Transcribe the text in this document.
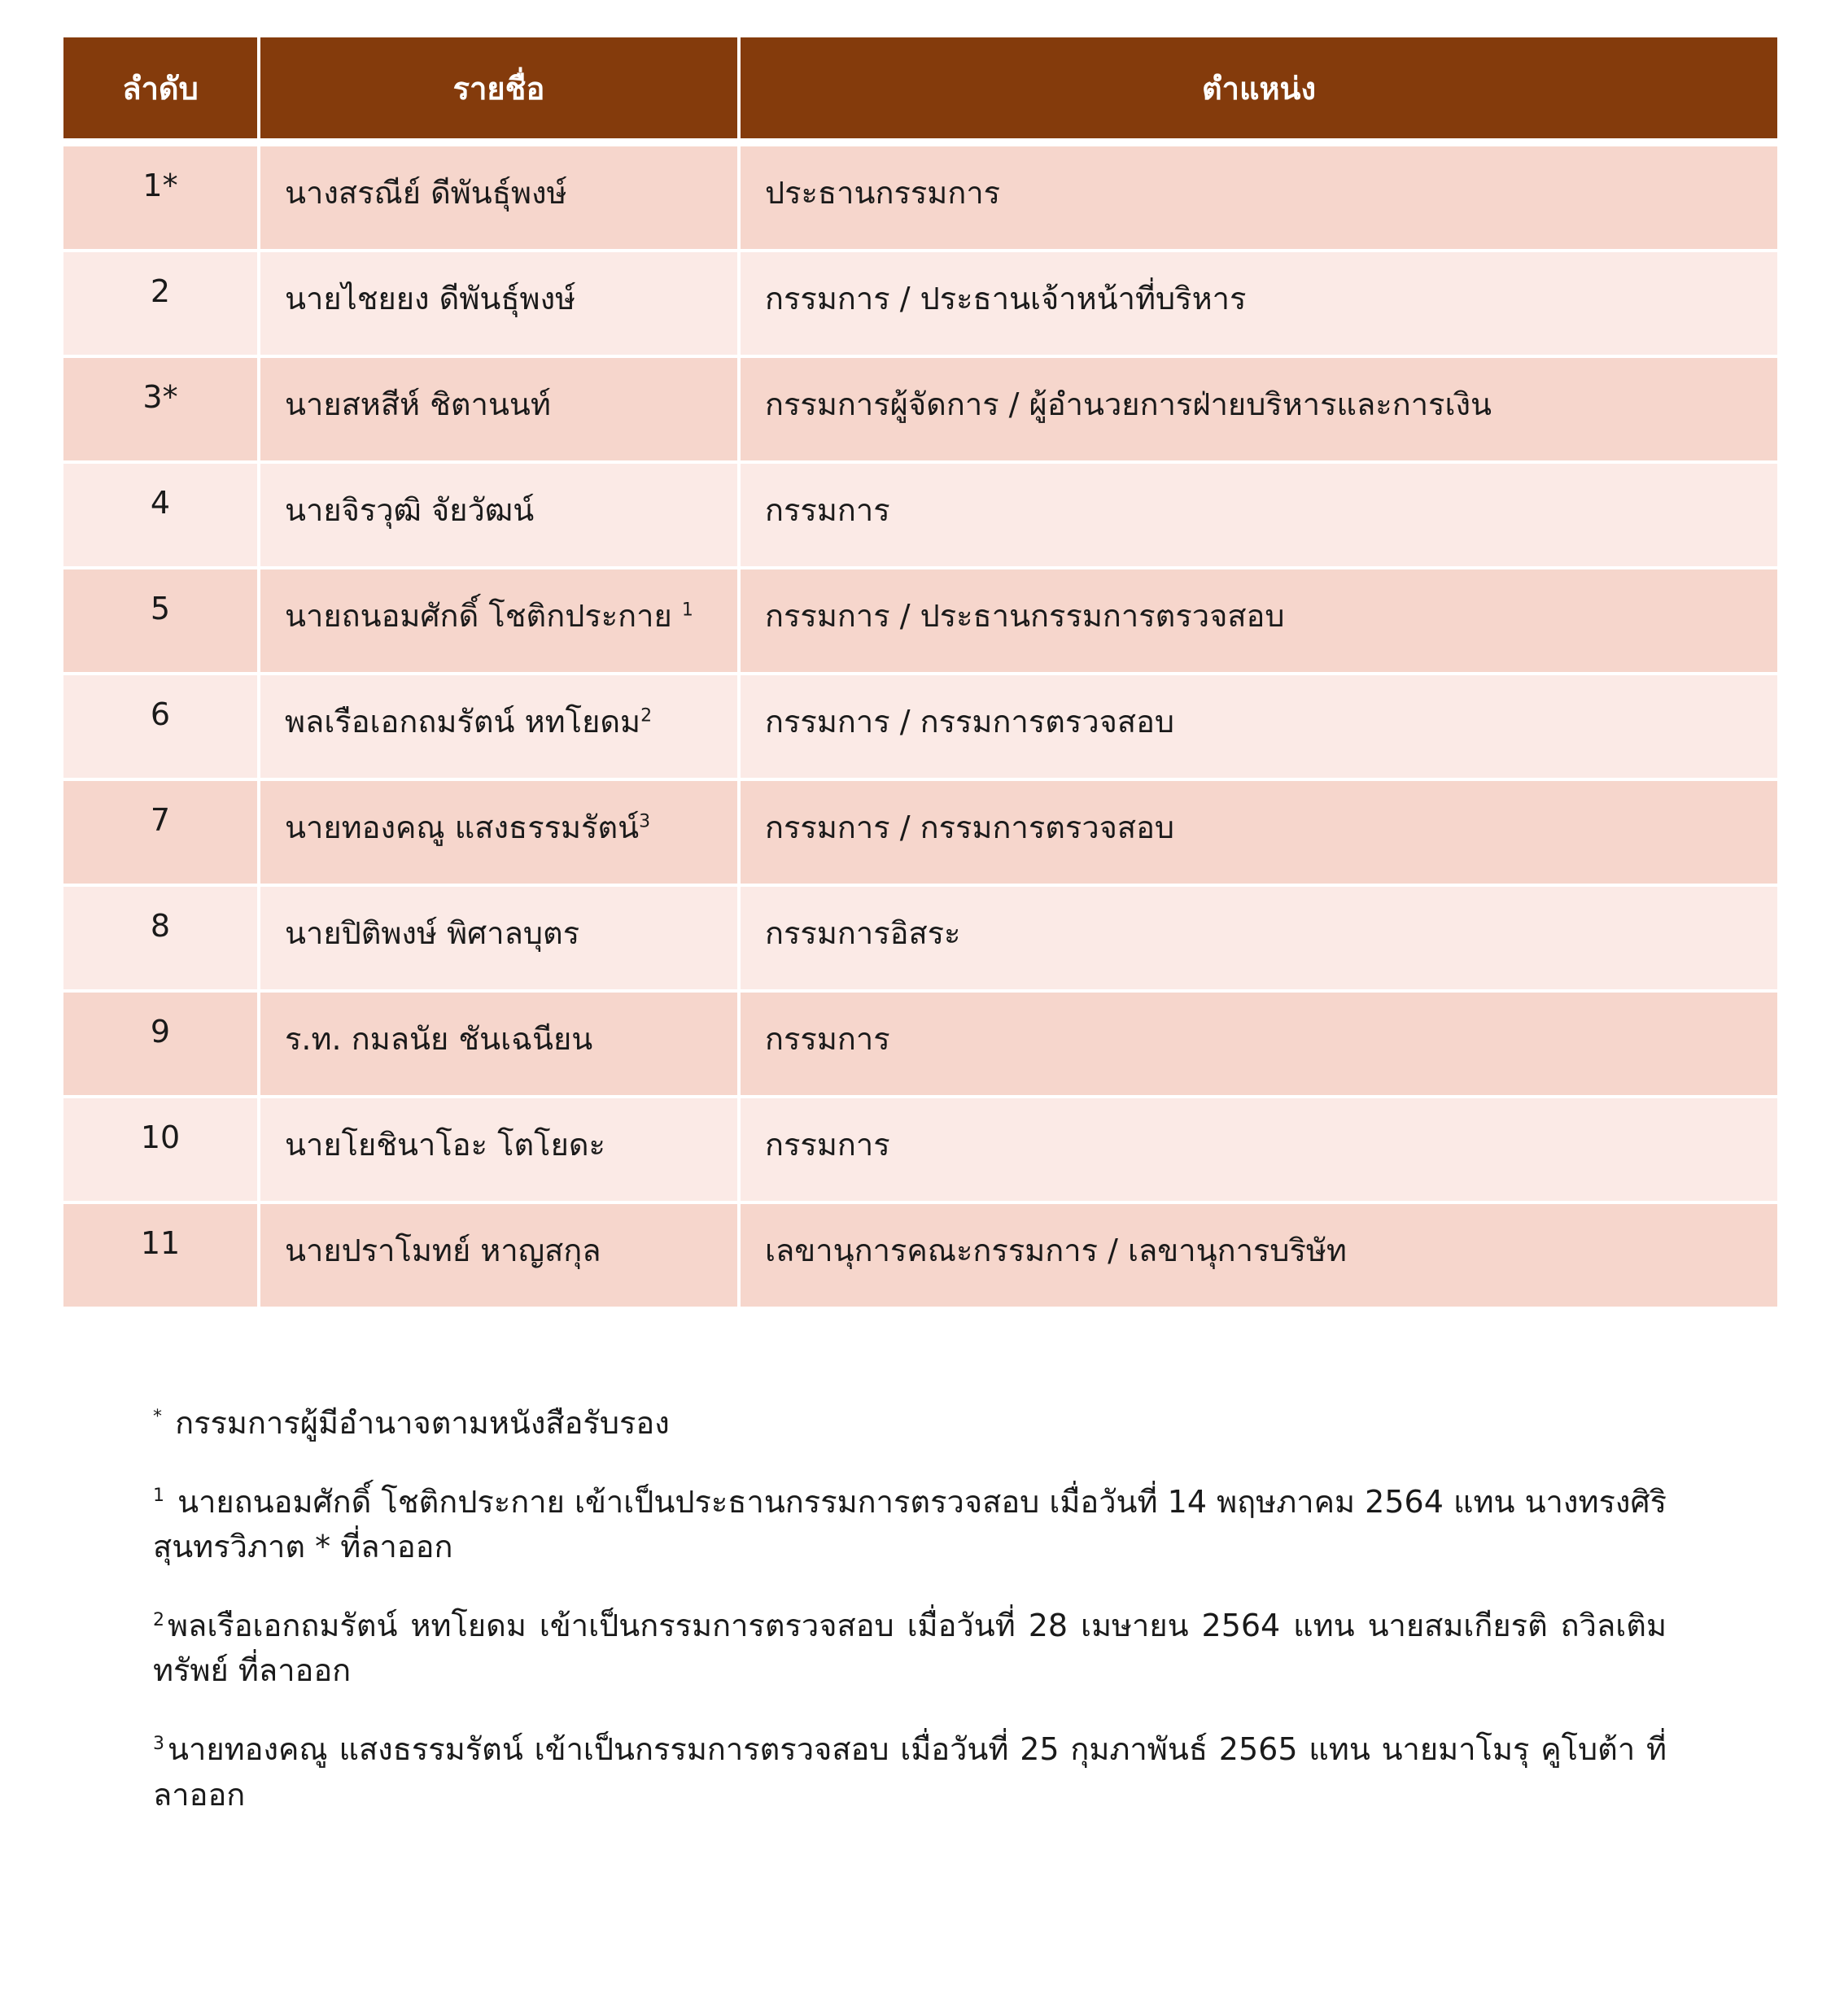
ลำดับ	รายชื่อ	ตำแหน่ง
1*	นางสรณีย์ ดีพันธุ์พงษ์	ประธานกรรมการ
2	นายไชยยง ดีพันธุ์พงษ์	กรรมการ / ประธานเจ้าหน้าที่บริหาร
3*	นายสหสีห์ ชิตานนท์	กรรมการผู้จัดการ / ผู้อำนวยการฝ่ายบริหารและการเงิน
4	นายจิรวุฒิ จัยวัฒน์	กรรมการ
5	นายถนอมศักดิ์ โชติกประกาย $^1$	กรรมการ / ประธานกรรมการตรวจสอบ
6	พลเรือเอกถมรัตน์ หทโยดม$^2$	กรรมการ / กรรมการตรวจสอบ
7	นายทองคณู แสงธรรมรัตน์$^3$	กรรมการ / กรรมการตรวจสอบ
8	นายปิติพงษ์ พิศาลบุตร	กรรมการอิสระ
9	ร.ท. กมลนัย ชันเฉนียน	กรรมการ
10	นายโยชินาโอะ โตโยดะ	กรรมการ
11	นายปราโมทย์ หาญสกุล	เลขานุการคณะกรรมการ / เลขานุการบริษัท

* กรรมการผู้มีอำนาจตามหนังสือรับรอง

$^1$ นายถนอมศักดิ์ โชติกประกาย เข้าเป็นประธานกรรมการตรวจสอบ เมื่อวันที่ 14 พฤษภาคม 2564 แทน นางทรงศิริ สุนทรวิภาต * ที่ลาออก

$^2$ พลเรือเอกถมรัตน์ หทโยดม เข้าเป็นกรรมการตรวจสอบ เมื่อวันที่ 28 เมษายน 2564 แทน นายสมเกียรติ ถวิลเติม ทรัพย์ ที่ลาออก

$^3$ นายทองคณู แสงธรรมรัตน์ เข้าเป็นกรรมการตรวจสอบ เมื่อวันที่ 25 กุมภาพันธ์ 2565 แทน นายมาโมรุ คูโบต้า ที่ลาออก
